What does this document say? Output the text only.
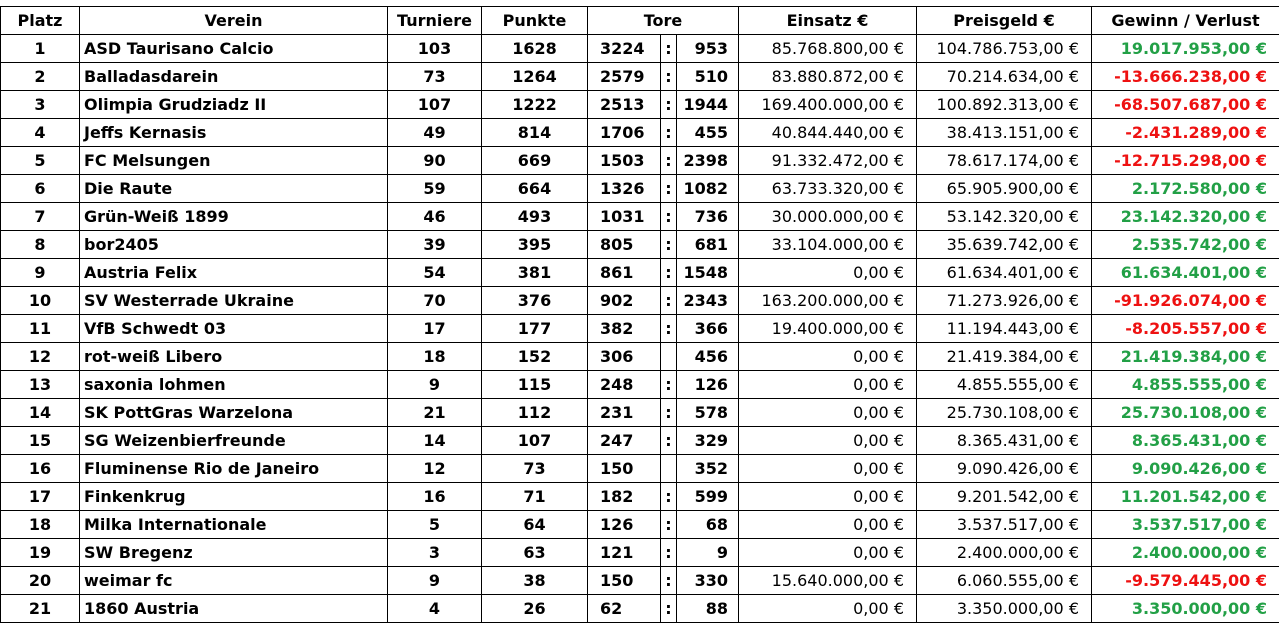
Platz	Verein	Turniere	Punkte	Tore			Einsatz €	Preisgeld €	Gewinn / Verlust
1	ASD Taurisano Calcio	103	1628	3224	:	953	85.768.800,00 €	104.786.753,00 €	19.017.953,00 €
2	Balladasdarein	73	1264	2579	:	510	83.880.872,00 €	70.214.634,00 €	-13.666.238,00 €
3	Olimpia Grudziadz II	107	1222	2513	:	1944	169.400.000,00 €	100.892.313,00 €	-68.507.687,00 €
4	Jeffs Kernasis	49	814	1706	:	455	40.844.440,00 €	38.413.151,00 €	-2.431.289,00 €
5	FC Melsungen	90	669	1503	:	2398	91.332.472,00 €	78.617.174,00 €	-12.715.298,00 €
6	Die Raute	59	664	1326	:	1082	63.733.320,00 €	65.905.900,00 €	2.172.580,00 €
7	Grün-Weiß 1899	46	493	1031	:	736	30.000.000,00 €	53.142.320,00 €	23.142.320,00 €
8	bor2405	39	395	805	:	681	33.104.000,00 €	35.639.742,00 €	2.535.742,00 €
9	Austria Felix	54	381	861	:	1548	0,00 €	61.634.401,00 €	61.634.401,00 €
10	SV Westerrade Ukraine	70	376	902	:	2343	163.200.000,00 €	71.273.926,00 €	-91.926.074,00 €
11	VfB Schwedt 03	17	177	382	:	366	19.400.000,00 €	11.194.443,00 €	-8.205.557,00 €
12	rot-weiß Libero	18	152	306		456	0,00 €	21.419.384,00 €	21.419.384,00 €
13	saxonia lohmen	9	115	248	:	126	0,00 €	4.855.555,00 €	4.855.555,00 €
14	SK PottGras Warzelona	21	112	231	:	578	0,00 €	25.730.108,00 €	25.730.108,00 €
15	SG Weizenbierfreunde	14	107	247	:	329	0,00 €	8.365.431,00 €	8.365.431,00 €
16	Fluminense Rio de Janeiro	12	73	150		352	0,00 €	9.090.426,00 €	9.090.426,00 €
17	Finkenkrug	16	71	182	:	599	0,00 €	9.201.542,00 €	11.201.542,00 €
18	Milka Internationale	5	64	126	:	68	0,00 €	3.537.517,00 €	3.537.517,00 €
19	SW Bregenz	3	63	121	:	9	0,00 €	2.400.000,00 €	2.400.000,00 €
20	weimar fc	9	38	150	:	330	15.640.000,00 €	6.060.555,00 €	-9.579.445,00 €
21	1860 Austria	4	26	62	:	88	0,00 €	3.350.000,00 €	3.350.000,00 €
